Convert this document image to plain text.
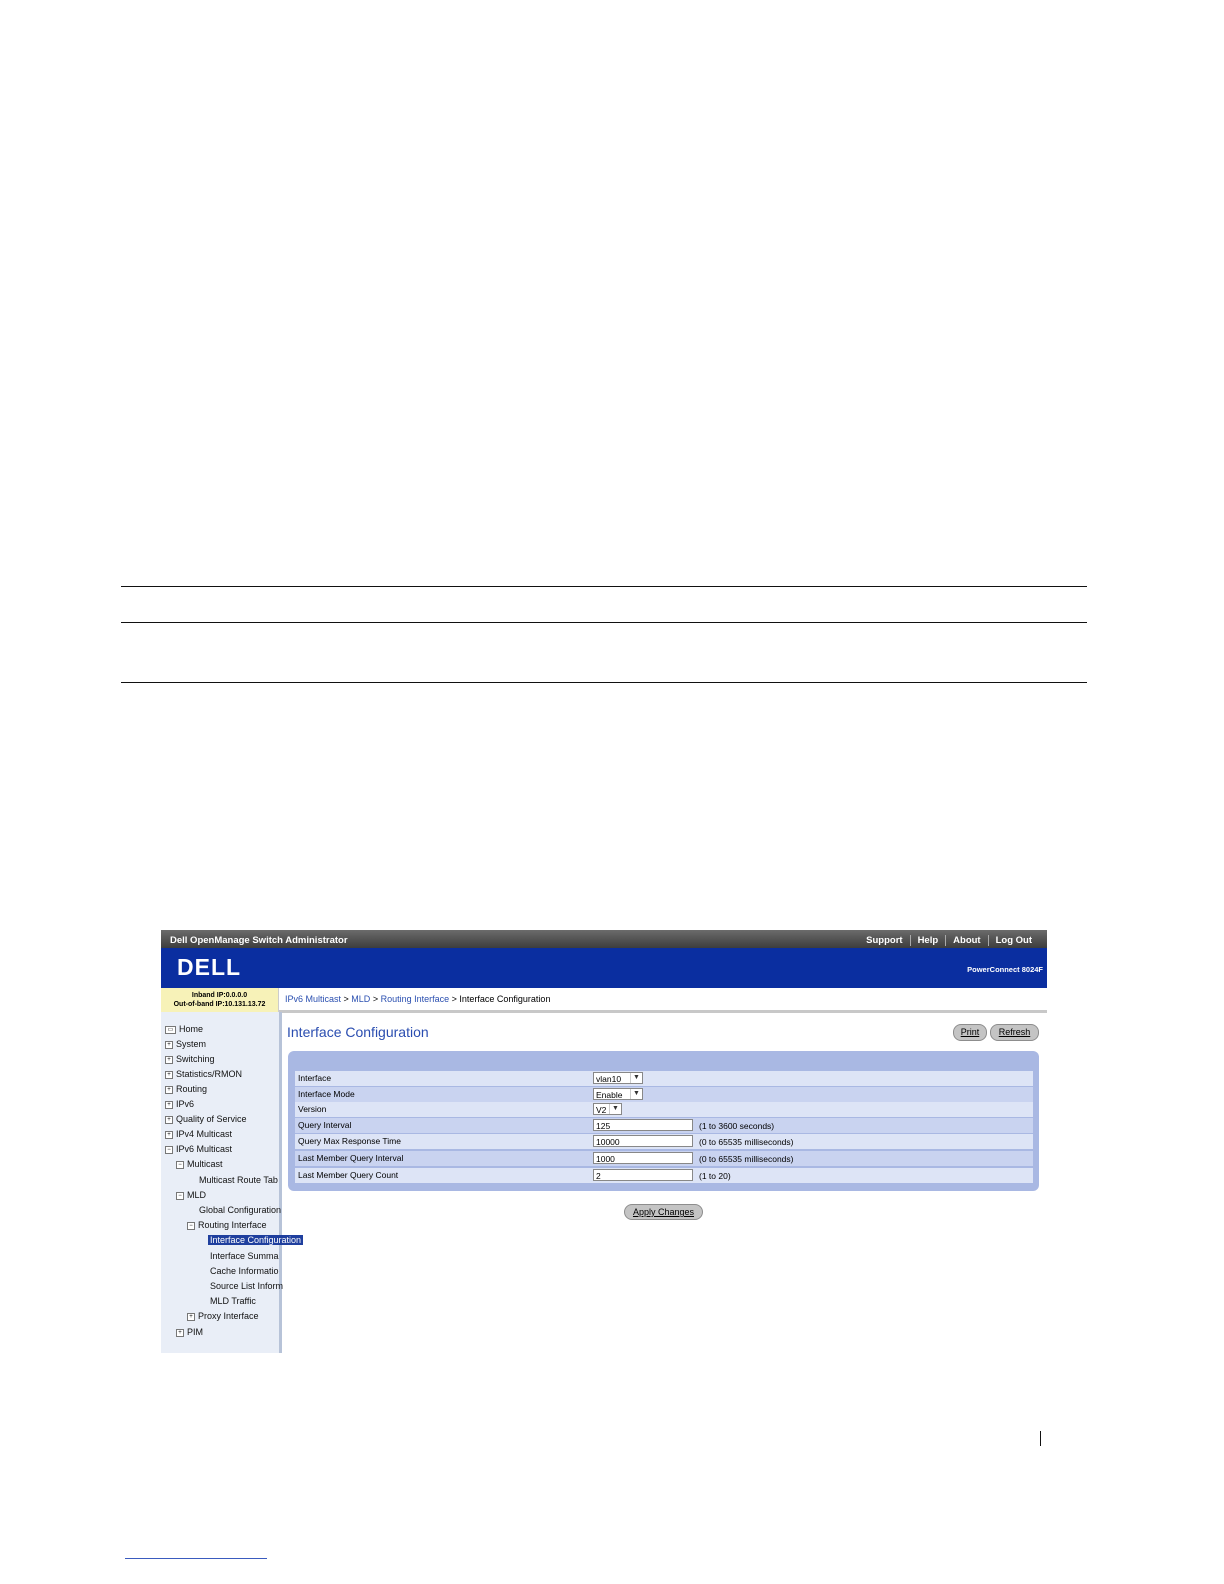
Dell OpenManage Switch Administrator	Support	Help	About	Log Out
DELL	PowerConnect 8024F
Inband IP:0.0.0.0
Out-of-band IP:10.131.13.72
IPv6 Multicast > MLD > Routing Interface > Interface Configuration
▭ Home
+ System
+ Switching
+ Statistics/RMON
+ Routing
+ IPv6
+ Quality of Service
+ IPv4 Multicast
− IPv6 Multicast
− Multicast
Multicast Route Tab
− MLD
Global Configuration
− Routing Interface
Interface Configuration
Interface Summa
Cache Informatio
Source List Inform
MLD Traffic
+ Proxy Interface
+ PIM
Interface Configuration	Print	Refresh
Interface	vlan10	▼
Interface Mode	Enable	▼
Version	V2 ▼
Query Interval	125	(1 to 3600 seconds)
Query Max Response Time	10000	(0 to 65535 milliseconds)
Last Member Query Interval	1000	(0 to 65535 milliseconds)
Last Member Query Count	2	(1 to 20)
Apply Changes
